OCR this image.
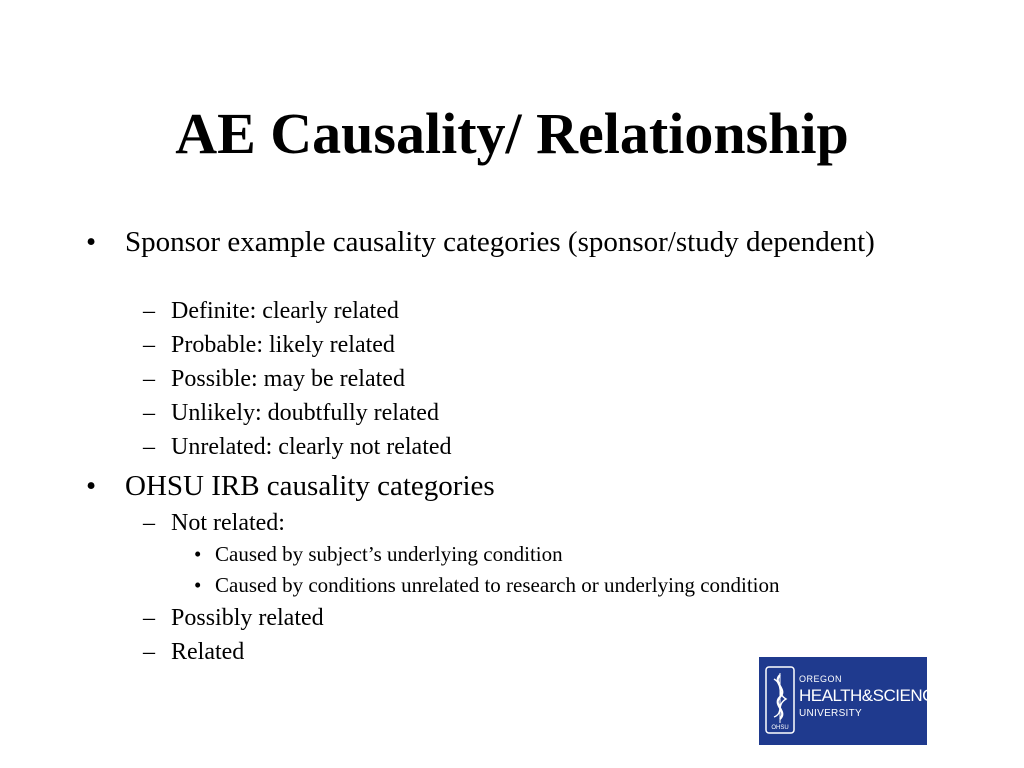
AE Causality/ Relationship
• Sponsor example causality categories (sponsor/study dependent)
– Definite: clearly related
– Probable: likely related
– Possible: may be related
– Unlikely: doubtfully related
– Unrelated: clearly not related
• OHSU IRB causality categories
– Not related:
• Caused by subject’s underlying condition
• Caused by conditions unrelated to research or underlying condition
– Possibly related
– Related
OHSU
OREGON
HEALTH&SCIENCE
UNIVERSITY
